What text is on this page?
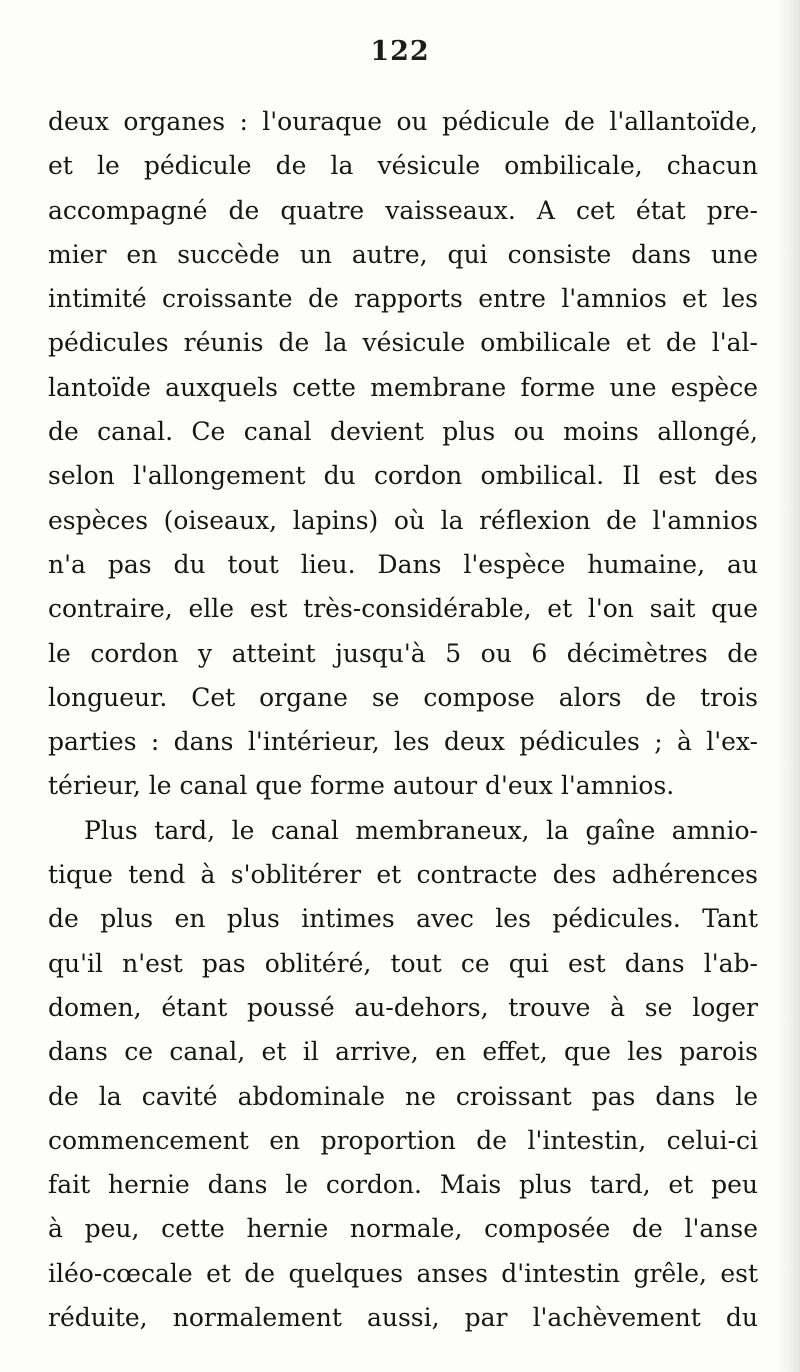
122
deux organes : l'ouraque ou pédicule de l'allantoïde,
et le pédicule de la vésicule ombilicale, chacun
accompagné de quatre vaisseaux. A cet état pre-
mier en succède un autre, qui consiste dans une
intimité croissante de rapports entre l'amnios et les
pédicules réunis de la vésicule ombilicale et de l'al-
lantoïde auxquels cette membrane forme une espèce
de canal. Ce canal devient plus ou moins allongé,
selon l'allongement du cordon ombilical. Il est des
espèces (oiseaux, lapins) où la réflexion de l'amnios
n'a pas du tout lieu. Dans l'espèce humaine, au
contraire, elle est très-considérable, et l'on sait que
le cordon y atteint jusqu'à 5 ou 6 décimètres de
longueur. Cet organe se compose alors de trois
parties : dans l'intérieur, les deux pédicules ; à l'ex-
térieur, le canal que forme autour d'eux l'amnios.
Plus tard, le canal membraneux, la gaîne amnio-
tique tend à s'oblitérer et contracte des adhérences
de plus en plus intimes avec les pédicules. Tant
qu'il n'est pas oblitéré, tout ce qui est dans l'ab-
domen, étant poussé au-dehors, trouve à se loger
dans ce canal, et il arrive, en effet, que les parois
de la cavité abdominale ne croissant pas dans le
commencement en proportion de l'intestin, celui-ci
fait hernie dans le cordon. Mais plus tard, et peu
à peu, cette hernie normale, composée de l'anse
iléo-cœcale et de quelques anses d'intestin grêle, est
réduite, normalement aussi, par l'achèvement du
